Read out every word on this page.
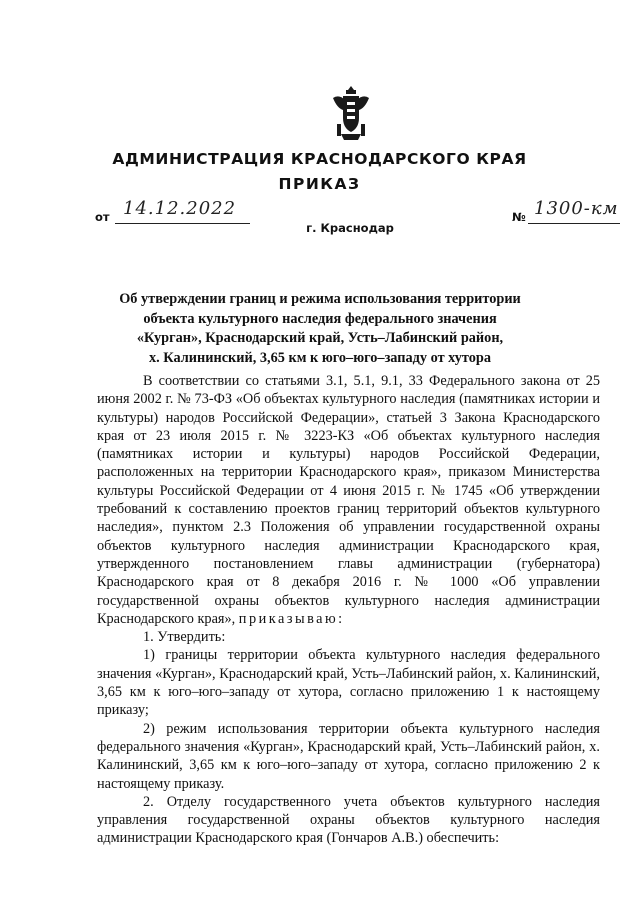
АДМИНИСТРАЦИЯ КРАСНОДАРСКОГО КРАЯ
ПРИКАЗ
от 14.12.2022	№ 1300-км
г. Краснодар
Об утверждении границ и режима использования территории
объекта культурного наследия федерального значения
«Курган», Краснодарский край, Усть–Лабинский район,
х. Калининский, 3,65 км к юго–юго–западу от хутора

В соответствии со статьями 3.1, 5.1, 9.1, 33 Федерального закона от 25 июня 2002 г. № 73-ФЗ «Об объектах культурного наследия (памятниках истории и культуры) народов Российской Федерации», статьей 3 Закона Краснодарского края от 23 июля 2015 г. № 3223-КЗ «Об объектах культурного наследия (памятниках истории и культуры) народов Российской Федерации, расположенных на территории Краснодарского края», приказом Министерства культуры Российской Федерации от 4 июня 2015 г. № 1745 «Об утверждении требований к составлению проектов границ территорий объектов культурного наследия», пунктом 2.3 Положения об управлении государственной охраны объектов культурного наследия администрации Краснодарского края, утвержденного постановлением главы администрации (губернатора) Краснодарского края от 8 декабря 2016 г. № 1000 «Об управлении государственной охраны объектов культурного наследия администрации Краснодарского края», приказываю:

1. Утвердить:

1) границы территории объекта культурного наследия федерального значения «Курган», Краснодарский край, Усть–Лабинский район, х. Калининский, 3,65 км к юго–юго–западу от хутора, согласно приложению 1 к настоящему приказу;

2) режим использования территории объекта культурного наследия федерального значения «Курган», Краснодарский край, Усть–Лабинский район, х. Калининский, 3,65 км к юго–юго–западу от хутора, согласно приложению 2 к настоящему приказу.

2. Отделу государственного учета объектов культурного наследия управления государственной охраны объектов культурного наследия администрации Краснодарского края (Гончаров А.В.) обеспечить:
